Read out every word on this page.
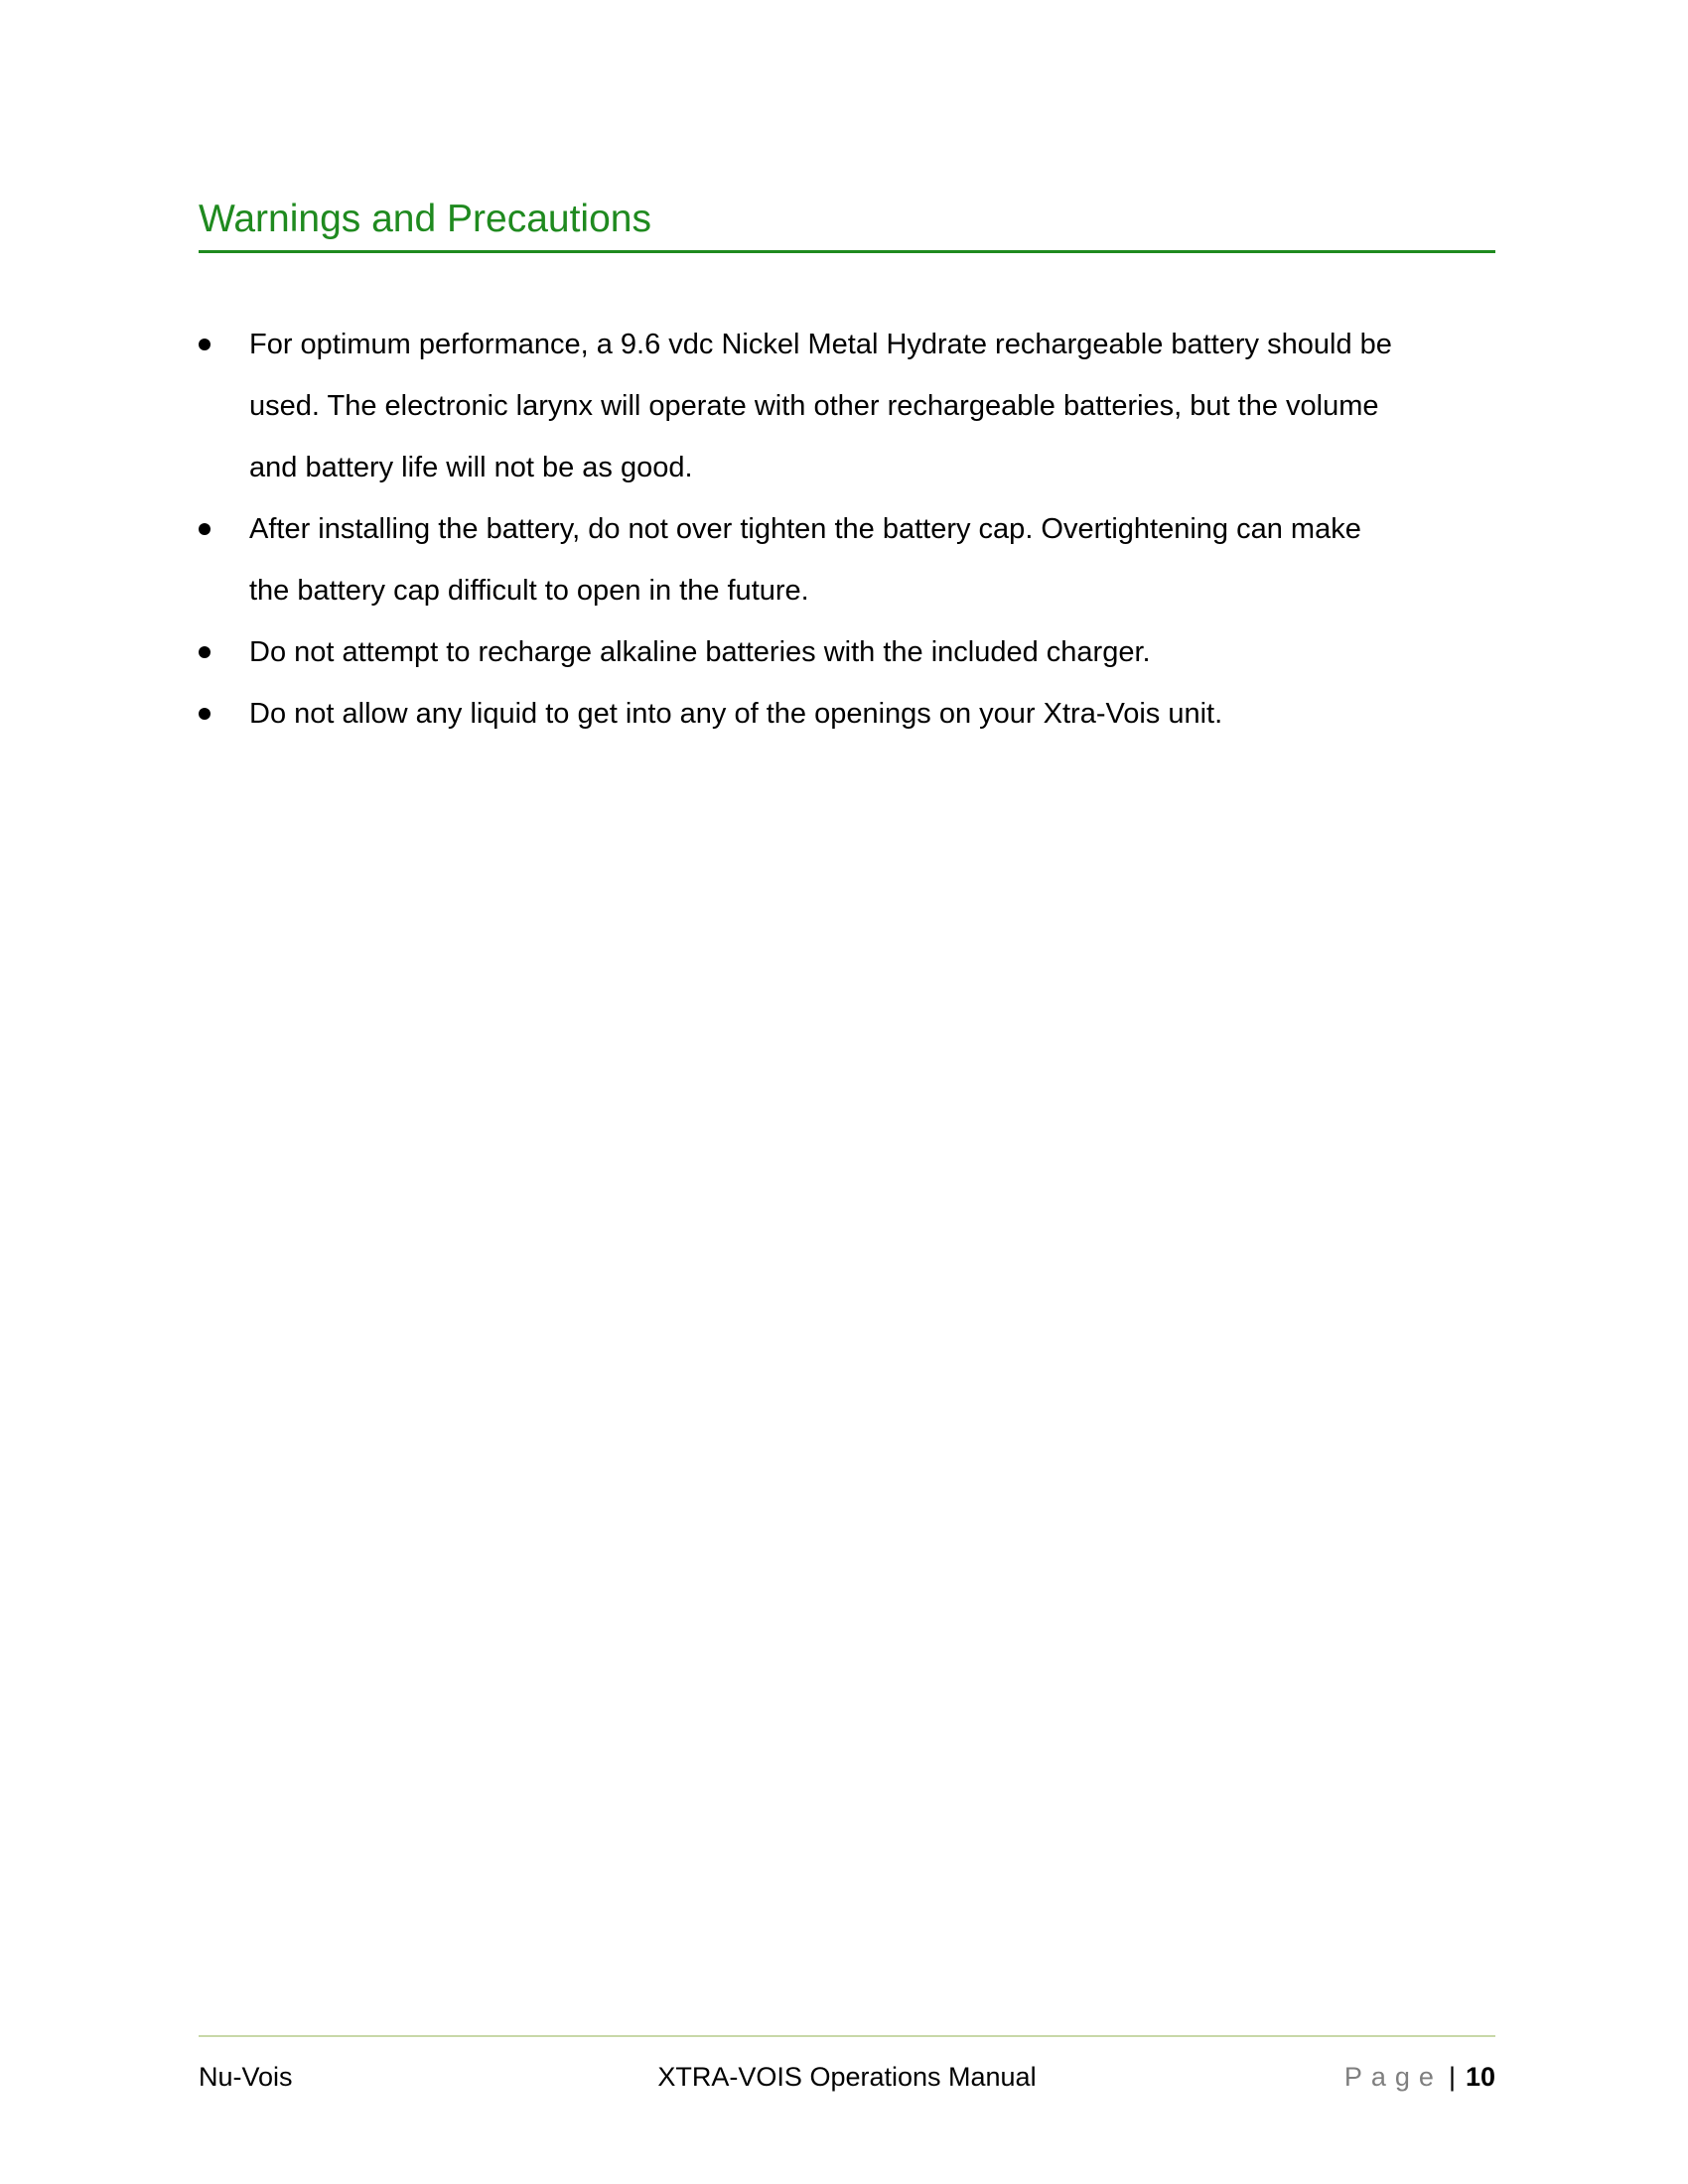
Warnings and Precautions
For optimum performance, a 9.6 vdc Nickel Metal Hydrate rechargeable battery should be
used. The electronic larynx will operate with other rechargeable batteries, but the volume
and battery life will not be as good.
After installing the battery, do not over tighten the battery cap. Overtightening can make
the battery cap difficult to open in the future.
Do not attempt to recharge alkaline batteries with the included charger.
Do not allow any liquid to get into any of the openings on your Xtra-Vois unit.
Nu-Vois	XTRA-VOIS Operations Manual	Page | 10
